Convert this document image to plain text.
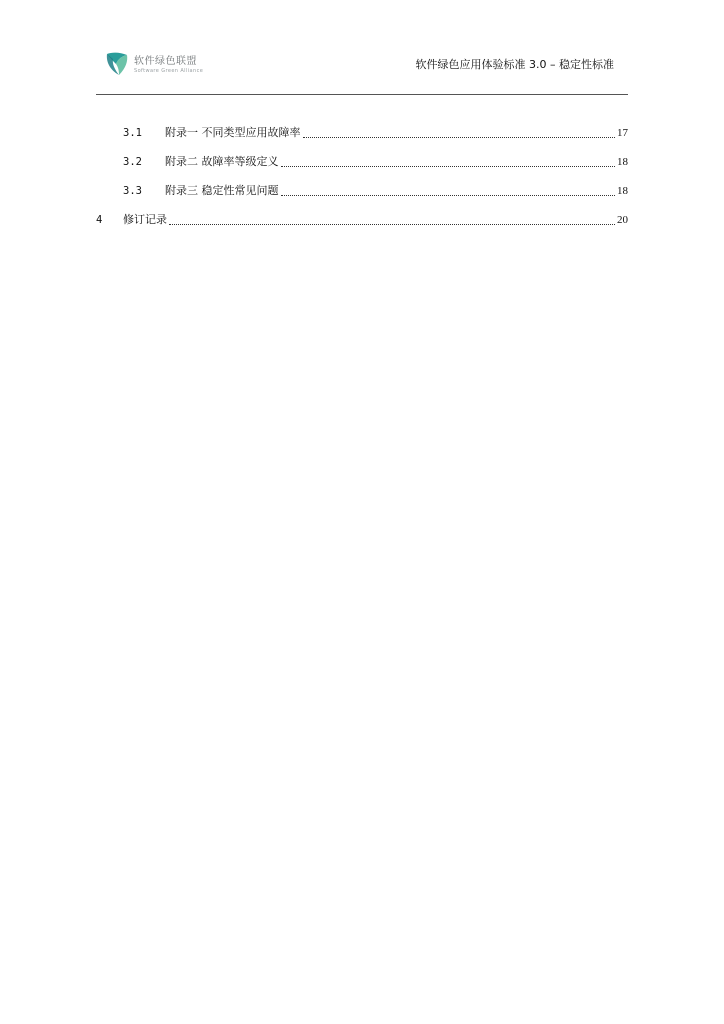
软件绿色联盟
Software Green Alliance	软件绿色应用体验标准 3.0 – 稳定性标准
3.1	附录一 不同类型应用故障率	17
3.2	附录二 故障率等级定义	18
3.3	附录三 稳定性常见问题	18
4	修订记录	20
